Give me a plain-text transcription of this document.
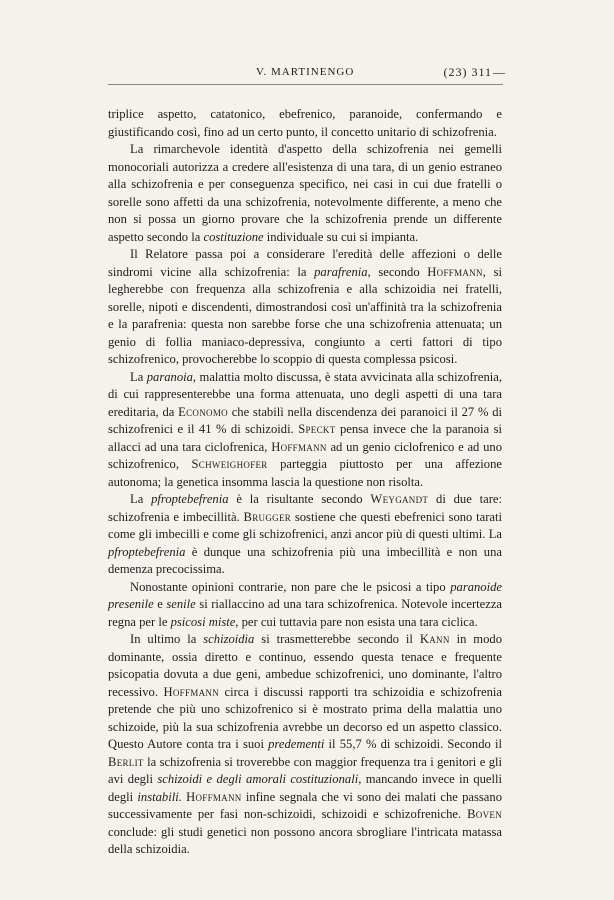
V. MARTINENGO	(23) 311 —

triplice aspetto, catatonico, ebefrenico, paranoide, confermando e giustificando così, fino ad un certo punto, il concetto unitario di schizofrenia.

La rimarchevole identità d'aspetto della schizofrenia nei gemelli monocoriali autorizza a credere all'esistenza di una tara, di un genio estraneo alla schizofrenia e per conseguenza specifico, nei casi in cui due fratelli o sorelle sono affetti da una schizofrenia, notevolmente differente, a meno che non si possa un giorno provare che la schizofrenia prende un differente aspetto secondo la costituzione individuale su cui si impianta.

Il Relatore passa poi a considerare l'eredità delle affezioni o delle sindromi vicine alla schizofrenia: la parafrenia, secondo Hoffmann, si legherebbe con frequenza alla schizofrenia e alla schizoidia nei fratelli, sorelle, nipoti e discendenti, dimostrandosi così un'affinità tra la schizofrenia e la parafrenia: questa non sarebbe forse che una schizofrenia attenuata; un genio di follia maniaco-depressiva, congiunto a certi fattori di tipo schizofrenico, provocherebbe lo scoppio di questa complessa psicosi.

La paranoia, malattia molto discussa, è stata avvicinata alla schizofrenia, di cui rappresenterebbe una forma attenuata, uno degli aspetti di una tara ereditaria, da Economo che stabilì nella discendenza dei paranoici il 27 % di schizofrenici e il 41 % di schizoidi. Speckt pensa invece che la paranoia si allacci ad una tara ciclofrenica, Hoffmann ad un genio ciclofrenico e ad uno schizofrenico, Schweighofer parteggia piuttosto per una affezione autonoma; la genetica insomma lascia la questione non risolta.

La pfroptebefrenia è la risultante secondo Weygandt di due tare: schizofrenia e imbecillità. Brugger sostiene che questi ebefrenici sono tarati come gli imbecilli e come gli schizofrenici, anzi ancor più di questi ultimi. La pfroptebefrenia è dunque una schizofrenia più una imbecillità e non una demenza precocissima.

Nonostante opinioni contrarie, non pare che le psicosi a tipo paranoide presenile e senile si riallaccino ad una tara schizofrenica. Notevole incertezza regna per le psicosi miste, per cui tuttavia pare non esista una tara ciclica.

In ultimo la schizoidia si trasmetterebbe secondo il Kann in modo dominante, ossia diretto e continuo, essendo questa tenace e frequente psicopatia dovuta a due geni, ambedue schizofrenici, uno dominante, l'altro recessivo. Hoffmann circa i discussi rapporti tra schizoidia e schizofrenia pretende che più uno schizofrenico si è mostrato prima della malattia uno schizoide, più la sua schizofrenia avrebbe un decorso ed un aspetto classico. Questo Autore conta tra i suoi predementi il 55,7 % di schizoidi. Secondo il Berlit la schizofrenia si troverebbe con maggior frequenza tra i genitori e gli avi degli schizoidi e degli amorali costituzionali, mancando invece in quelli degli instabili. Hoffmann infine segnala che vi sono dei malati che passano successivamente per fasi non-schizoidi, schizoidi e schizofreniche. Boven conclude: gli studi genetici non possono ancora sbrogliare l'intricata matassa della schizoidia.
